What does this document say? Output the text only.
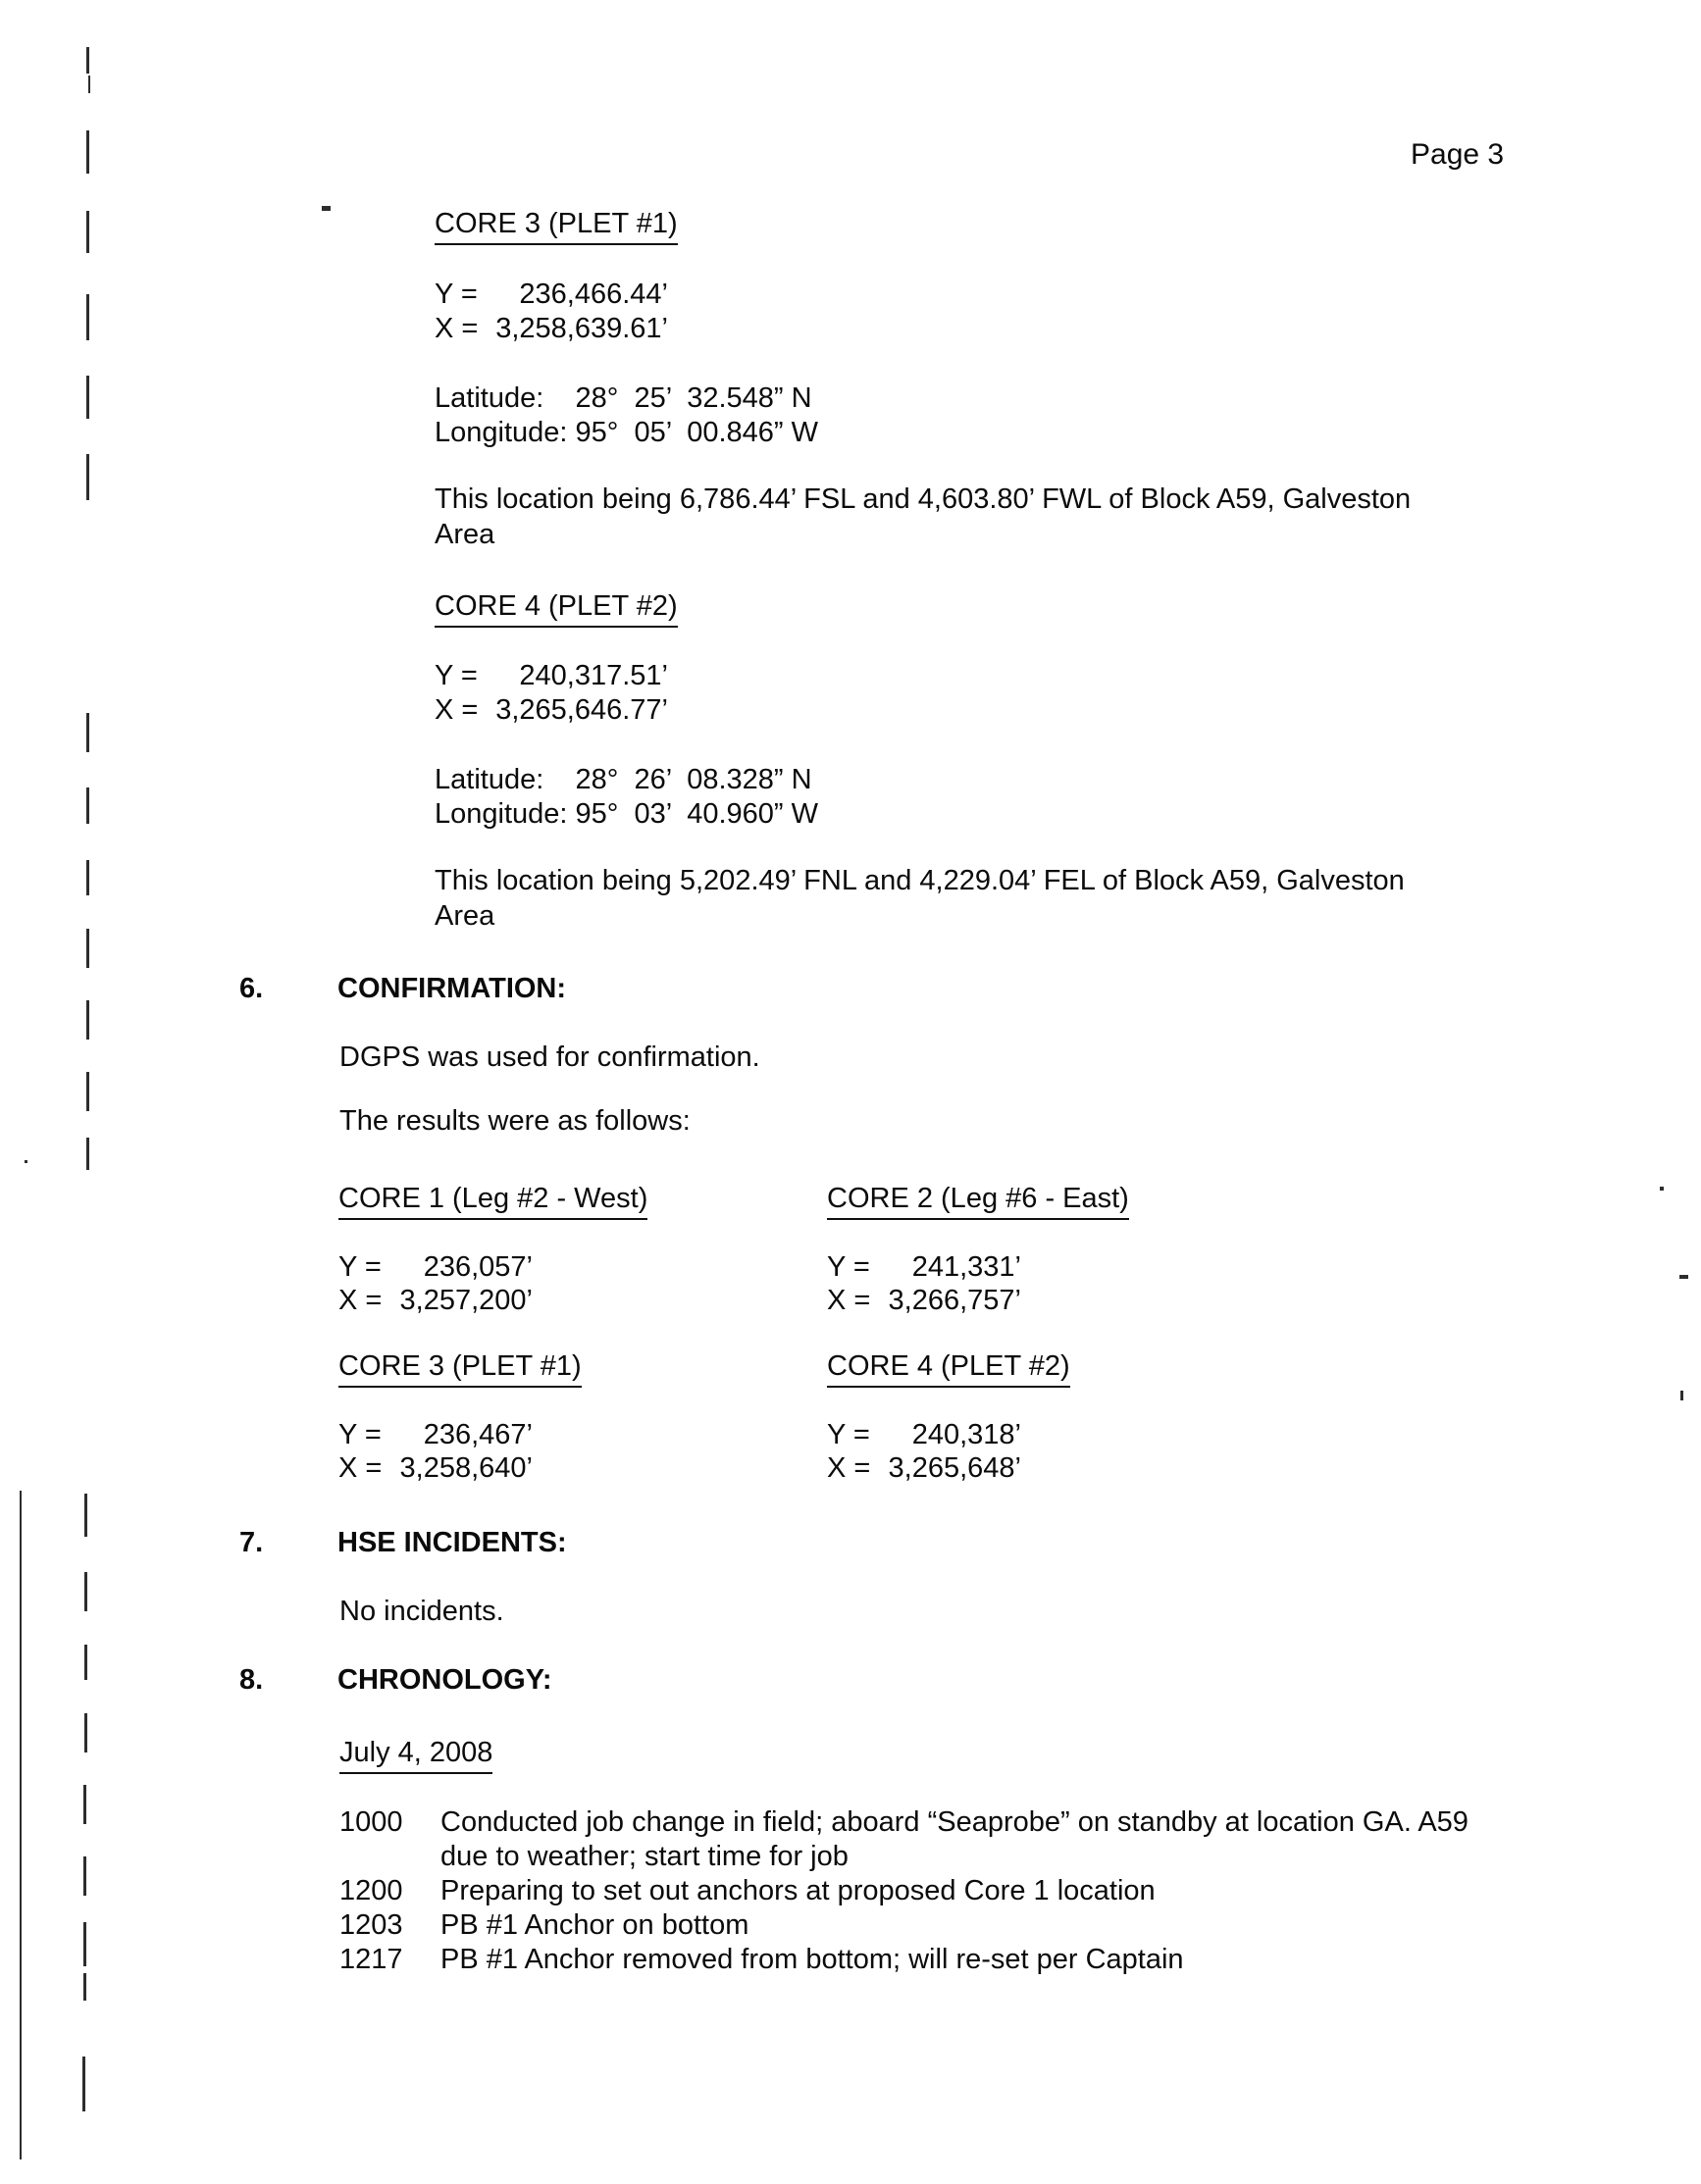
Page 3
CORE 3 (PLET #1)
Y = 236,466.44’
X = 3,258,639.61’
Latitude:    28°  25’  32.548” N
Longitude: 95°  05’  00.846” W
This location being 6,786.44’ FSL and 4,603.80’ FWL of Block A59, Galveston
Area
CORE 4 (PLET #2)
Y = 240,317.51’
X = 3,265,646.77’
Latitude:    28°  26’  08.328” N
Longitude: 95°  03’  40.960” W
This location being 5,202.49’ FNL and 4,229.04’ FEL of Block A59, Galveston
Area
6.	CONFIRMATION:
DGPS was used for confirmation.
The results were as follows:
CORE 1 (Leg #2 - West)
Y = 236,057’
X = 3,257,200’
CORE 3 (PLET #1)
Y = 236,467’
X = 3,258,640’
CORE 2 (Leg #6 - East)
Y = 241,331’
X = 3,266,757’
CORE 4 (PLET #2)
Y = 240,318’
X = 3,265,648’
7.	HSE INCIDENTS:
No incidents.
8.	CHRONOLOGY:
July 4, 2008
1000 Conducted job change in field; aboard “Seaprobe” on standby at location GA. A59
due to weather; start time for job
1200 Preparing to set out anchors at proposed Core 1 location
1203 PB #1 Anchor on bottom
1217 PB #1 Anchor removed from bottom; will re-set per Captain
